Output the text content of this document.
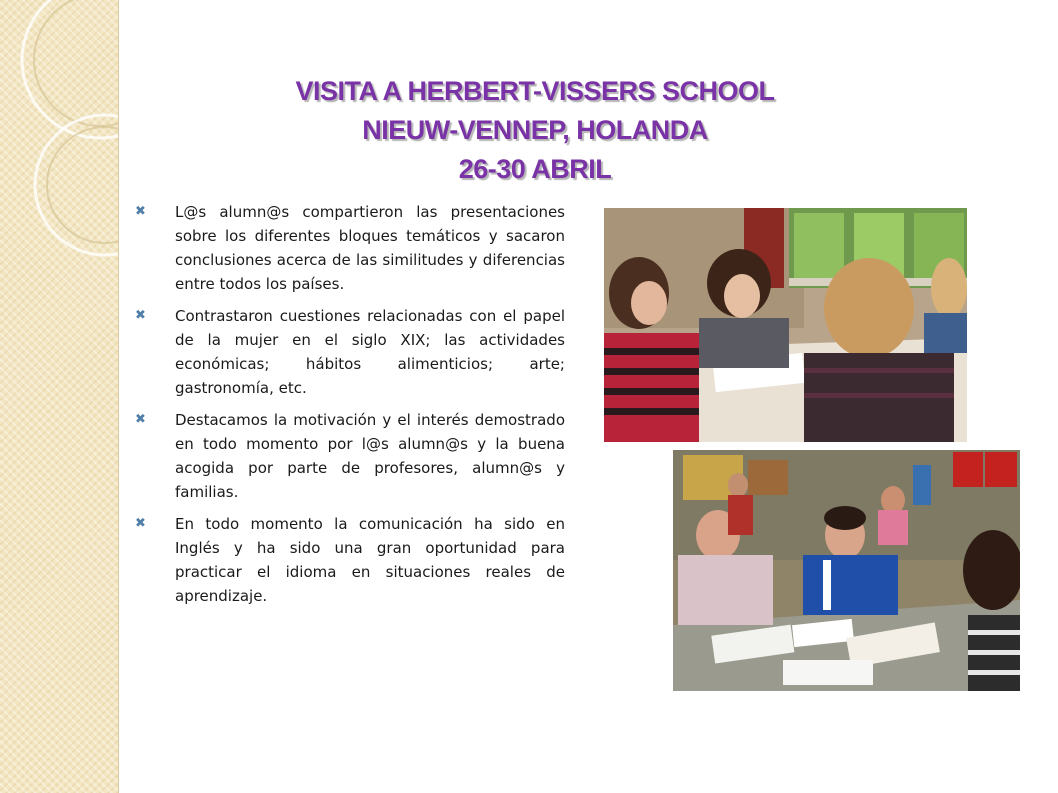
VISITA A HERBERT-VISSERS SCHOOL
NIEUW-VENNEP, HOLANDA
26-30 ABRIL
✖ L@s alumn@s compartieron las presentaciones sobre los diferentes bloques temáticos y sacaron conclusiones acerca de las similitudes y diferencias entre todos los países.
✖ Contrastaron cuestiones relacionadas con el papel de la mujer en el siglo XIX; las actividades económicas; hábitos alimenticios; arte; gastronomía, etc.
✖ Destacamos la motivación y el interés demostrado en todo momento por l@s alumn@s y la buena acogida por parte de profesores, alumn@s y familias.
✖ En todo momento la comunicación ha sido en Inglés y ha sido una gran oportunidad para practicar el idioma en situaciones reales de aprendizaje.
